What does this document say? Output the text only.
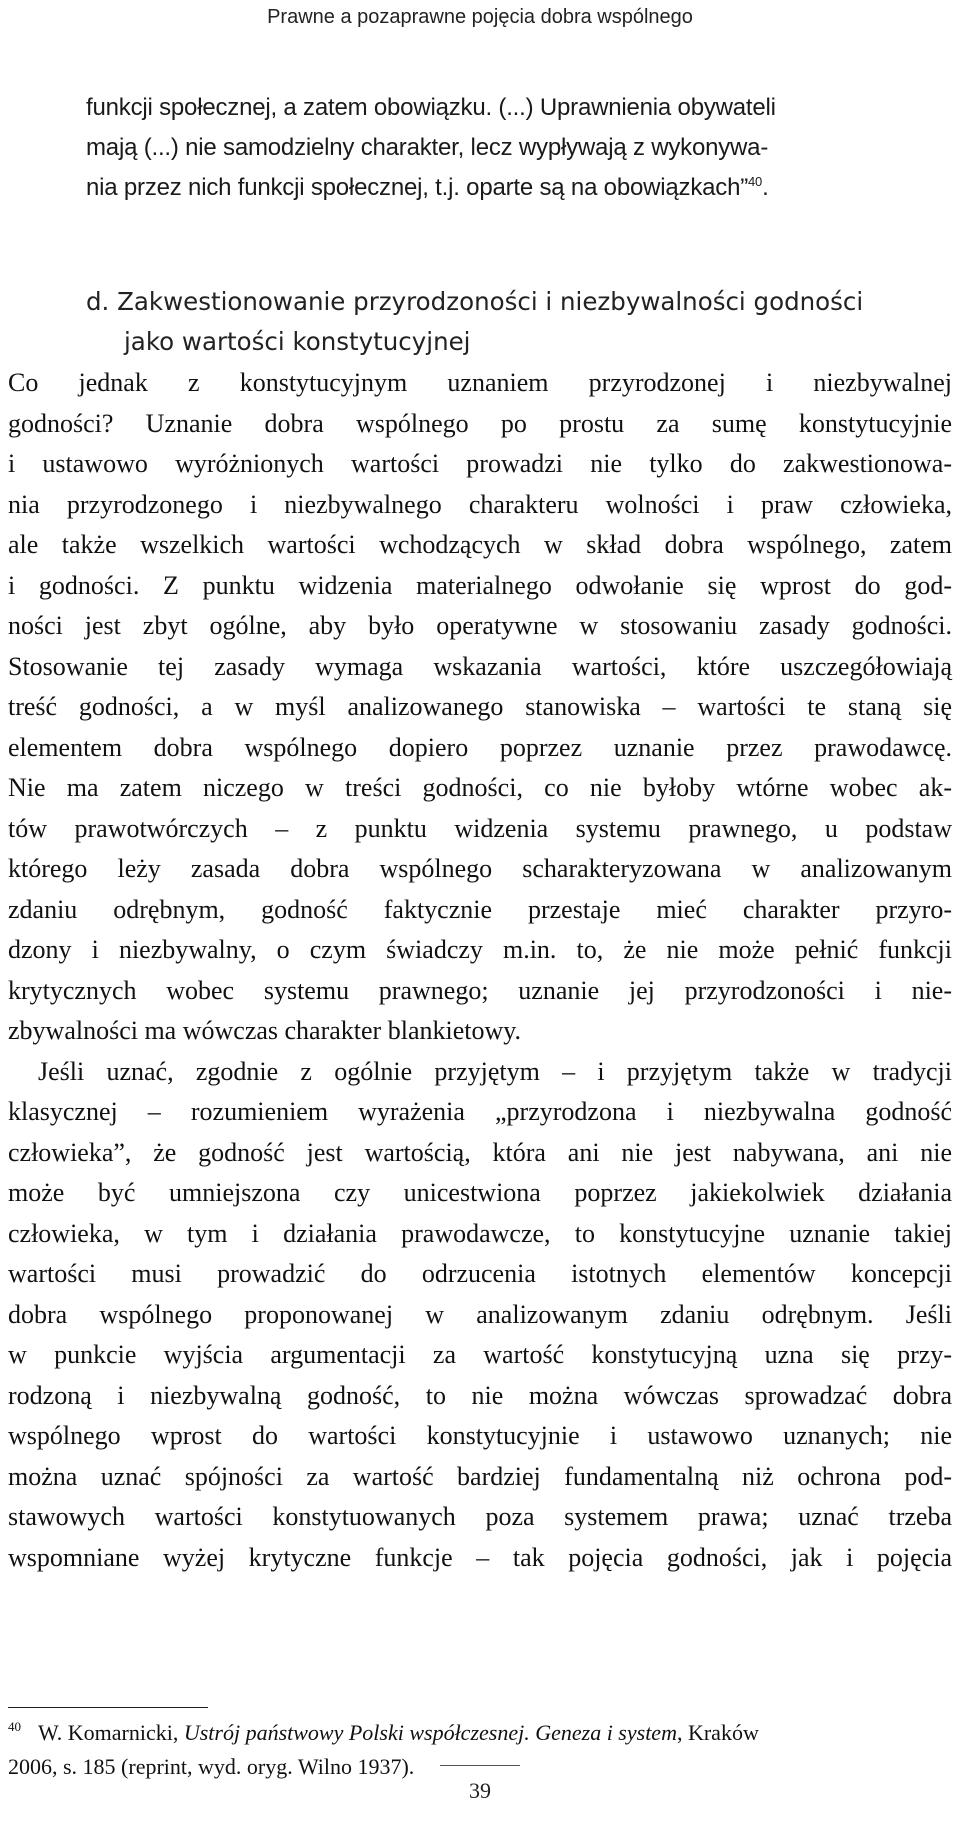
Prawne a pozaprawne pojęcia dobra wspólnego
funkcji społecznej, a zatem obowiązku. (...) Uprawnienia obywateli
mają (...) nie samodzielny charakter, lecz wypływają z wykonywa-
nia przez nich funkcji społecznej, t.j. oparte są na obowiązkach”$^{40}$.
d. Zakwestionowanie przyrodzoności i niezbywalności godności
jako wartości konstytucyjnej
Co jednak z konstytucyjnym uznaniem przyrodzonej i niezbywalnej
godności? Uznanie dobra wspólnego po prostu za sumę konstytucyjnie
i ustawowo wyróżnionych wartości prowadzi nie tylko do zakwestionowa-
nia przyrodzonego i niezbywalnego charakteru wolności i praw człowieka,
ale także wszelkich wartości wchodzących w skład dobra wspólnego, zatem
i godności. Z punktu widzenia materialnego odwołanie się wprost do god-
ności jest zbyt ogólne, aby było operatywne w stosowaniu zasady godności.
Stosowanie tej zasady wymaga wskazania wartości, które uszczegółowiają
treść godności, a w myśl analizowanego stanowiska – wartości te staną się
elementem dobra wspólnego dopiero poprzez uznanie przez prawodawcę.
Nie ma zatem niczego w treści godności, co nie byłoby wtórne wobec ak-
tów prawotwórczych – z punktu widzenia systemu prawnego, u podstaw
którego leży zasada dobra wspólnego scharakteryzowana w analizowanym
zdaniu odrębnym, godność faktycznie przestaje mieć charakter przyro-
dzony i niezbywalny, o czym świadczy m.in. to, że nie może pełnić funkcji
krytycznych wobec systemu prawnego; uznanie jej przyrodzoności i nie-
zbywalności ma wówczas charakter blankietowy.
Jeśli uznać, zgodnie z ogólnie przyjętym – i przyjętym także w tradycji
klasycznej – rozumieniem wyrażenia „przyrodzona i niezbywalna godność
człowieka”, że godność jest wartością, która ani nie jest nabywana, ani nie
może być umniejszona czy unicestwiona poprzez jakiekolwiek działania
człowieka, w tym i działania prawodawcze, to konstytucyjne uznanie takiej
wartości musi prowadzić do odrzucenia istotnych elementów koncepcji
dobra wspólnego proponowanej w analizowanym zdaniu odrębnym. Jeśli
w punkcie wyjścia argumentacji za wartość konstytucyjną uzna się przy-
rodzoną i niezbywalną godność, to nie można wówczas sprowadzać dobra
wspólnego wprost do wartości konstytucyjnie i ustawowo uznanych; nie
można uznać spójności za wartość bardziej fundamentalną niż ochrona pod-
stawowych wartości konstytuowanych poza systemem prawa; uznać trzeba
wspomniane wyżej krytyczne funkcje – tak pojęcia godności, jak i pojęcia
40 W. Komarnicki, Ustrój państwowy Polski współczesnej. Geneza i system, Kraków
2006, s. 185 (reprint, wyd. oryg. Wilno 1937).
39
